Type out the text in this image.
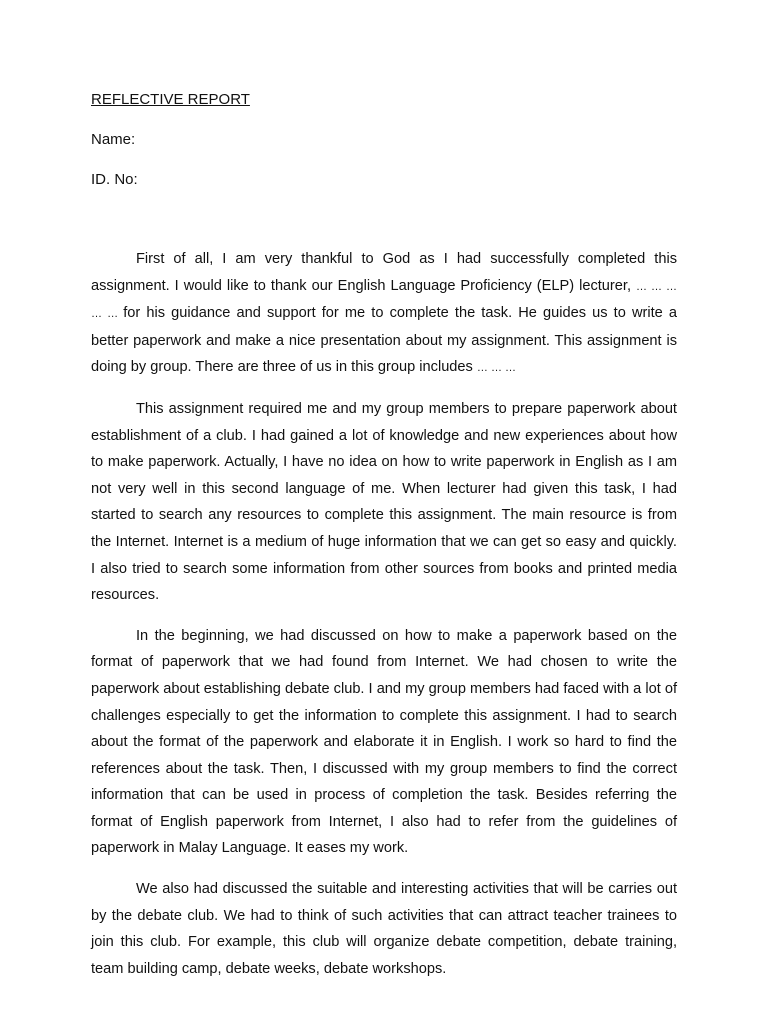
REFLECTIVE REPORT
Name:
ID. No:

First of all, I am very thankful to God as I had successfully completed this assignment. I would like to thank our English Language Proficiency (ELP) lecturer, … … … … … for his guidance and support for me to complete the task. He guides us to write a better paperwork and make a nice presentation about my assignment. This assignment is doing by group. There are three of us in this group includes … … …

This assignment required me and my group members to prepare paperwork about establishment of a club. I had gained a lot of knowledge and new experiences about how to make paperwork. Actually, I have no idea on how to write paperwork in English as I am not very well in this second language of me. When lecturer had given this task, I had started to search any resources to complete this assignment. The main resource is from the Internet. Internet is a medium of huge information that we can get so easy and quickly. I also tried to search some information from other sources from books and printed media resources.

In the beginning, we had discussed on how to make a paperwork based on the format of paperwork that we had found from Internet. We had chosen to write the paperwork about establishing debate club. I and my group members had faced with a lot of challenges especially to get the information to complete this assignment. I had to search about the format of the paperwork and elaborate it in English. I work so hard to find the references about the task. Then, I discussed with my group members to find the correct information that can be used in process of completion the task. Besides referring the format of English paperwork from Internet, I also had to refer from the guidelines of paperwork in Malay Language. It eases my work.

We also had discussed the suitable and interesting activities that will be carries out by the debate club. We had to think of such activities that can attract teacher trainees to join this club. For example, this club will organize debate competition, debate training, team building camp, debate weeks, debate workshops.
